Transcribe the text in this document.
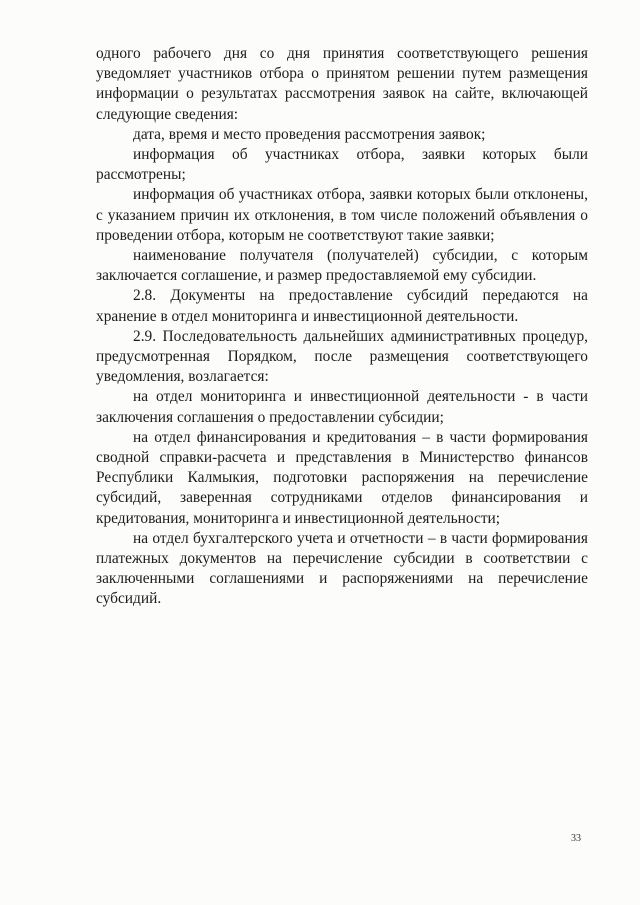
одного рабочего дня со дня принятия соответствующего решения уведомляет участников отбора о принятом решении путем размещения информации о результатах рассмотрения заявок на сайте, включающей следующие сведения:

дата, время и место проведения рассмотрения заявок;

информация об участниках отбора, заявки которых были рассмотрены;

информация об участниках отбора, заявки которых были отклонены, с указанием причин их отклонения, в том числе положений объявления о проведении отбора, которым не соответствуют такие заявки;

наименование получателя (получателей) субсидии, с которым заключается соглашение, и размер предоставляемой ему субсидии.

2.8. Документы на предоставление субсидий передаются на хранение в отдел мониторинга и инвестиционной деятельности.

2.9. Последовательность дальнейших административных процедур, предусмотренная Порядком, после размещения соответствующего уведомления, возлагается:

на отдел мониторинга и инвестиционной деятельности - в части заключения соглашения о предоставлении субсидии;

на отдел финансирования и кредитования – в части формирования сводной справки-расчета и представления в Министерство финансов Республики Калмыкия, подготовки распоряжения на перечисление субсидий, заверенная сотрудниками отделов финансирования и кредитования, мониторинга и инвестиционной деятельности;

на отдел бухгалтерского учета и отчетности – в части формирования платежных документов на перечисление субсидии в соответствии с заключенными соглашениями и распоряжениями на перечисление субсидий.

33
